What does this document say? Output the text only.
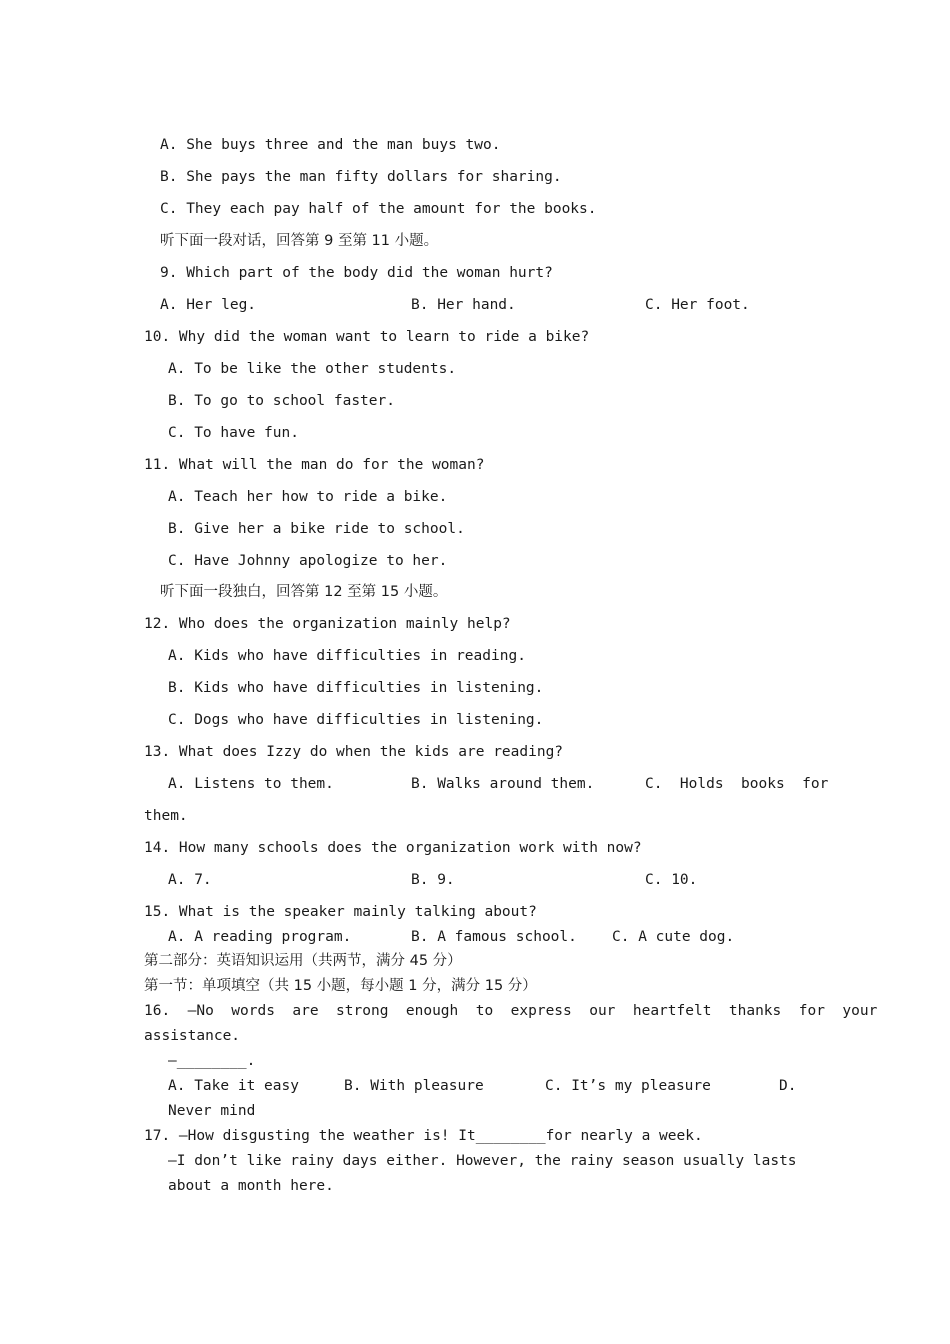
A. She buys three and the man buys two.
B. She pays the man fifty dollars for sharing.
C. They each pay half of the amount for the books.
听下面一段对话，回答第 9 至第 11 小题。
9. Which part of the body did the woman hurt?
A. Her leg.	B. Her hand.	C. Her foot.
10. Why did the woman want to learn to ride a bike?
A. To be like the other students.
B. To go to school faster.
C. To have fun.
11. What will the man do for the woman?
A. Teach her how to ride a bike.
B. Give her a bike ride to school.
C. Have Johnny apologize to her.
听下面一段独白，回答第 12 至第 15 小题。
12. Who does the organization mainly help?
A. Kids who have difficulties in reading.
B. Kids who have difficulties in listening.
C. Dogs who have difficulties in listening.
13. What does Izzy do when the kids are reading?
A. Listens to them.	B. Walks around them.	C.  Holds  books  for
them.
14. How many schools does the organization work with now?
A. 7.	B. 9.	C. 10.
15. What is the speaker mainly talking about?
A. A reading program.	B. A famous school. C. A cute dog.
第二部分：英语知识运用（共两节，满分 45 分）
第一节：单项填空（共 15 小题，每小题 1 分，满分 15 分）
16.  —No  words  are  strong  enough  to  express  our  heartfelt  thanks  for  your
assistance.
—________.
A. Take it easy	B. With pleasure	C. It’s my pleasure	D.
Never mind
17. —How disgusting the weather is! It________for nearly a week.
—I don’t like rainy days either. However, the rainy season usually lasts
about a month here.
